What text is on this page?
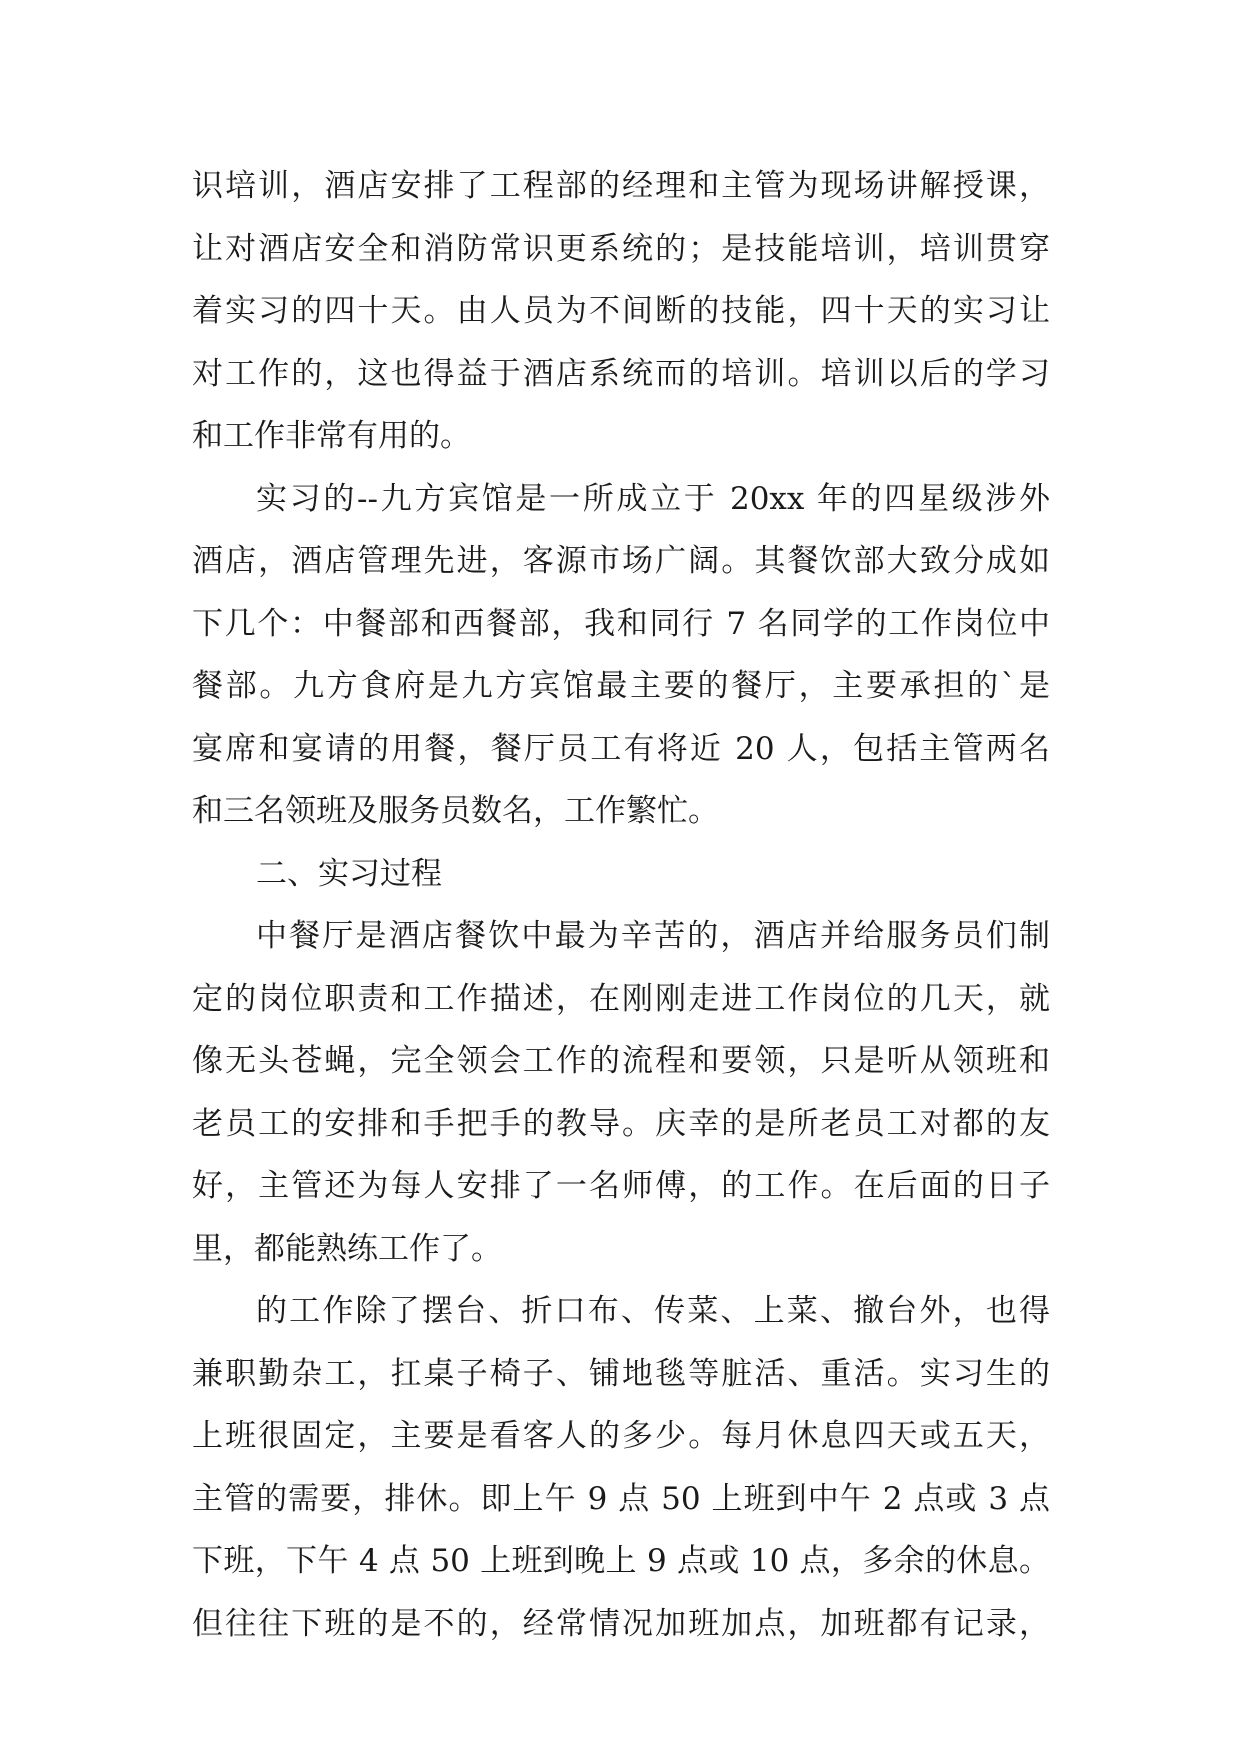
识培训，酒店安排了工程部的经理和主管为现场讲解授课，
让对酒店安全和消防常识更系统的；是技能培训，培训贯穿
着实习的四十天。由人员为不间断的技能，四十天的实习让
对工作的，这也得益于酒店系统而的培训。培训以后的学习
和工作非常有用的。
实习的--九方宾馆是一所成立于 20xx 年的四星级涉外
酒店，酒店管理先进，客源市场广阔。其餐饮部大致分成如
下几个：中餐部和西餐部，我和同行 7 名同学的工作岗位中
餐部。九方食府是九方宾馆最主要的餐厅，主要承担的`是
宴席和宴请的用餐，餐厅员工有将近 20 人，包括主管两名
和三名领班及服务员数名，工作繁忙。
二、实习过程
中餐厅是酒店餐饮中最为辛苦的，酒店并给服务员们制
定的岗位职责和工作描述，在刚刚走进工作岗位的几天，就
像无头苍蝇，完全领会工作的流程和要领，只是听从领班和
老员工的安排和手把手的教导。庆幸的是所老员工对都的友
好，主管还为每人安排了一名师傅，的工作。在后面的日子
里，都能熟练工作了。
的工作除了摆台、折口布、传菜、上菜、撤台外，也得
兼职勤杂工，扛桌子椅子、铺地毯等脏活、重活。实习生的
上班很固定，主要是看客人的多少。每月休息四天或五天，
主管的需要，排休。即上午 9 点 50 上班到中午 2 点或 3 点
下班，下午 4 点 50 上班到晚上 9 点或 10 点，多余的休息。
但往往下班的是不的，经常情况加班加点，加班都有记录，
